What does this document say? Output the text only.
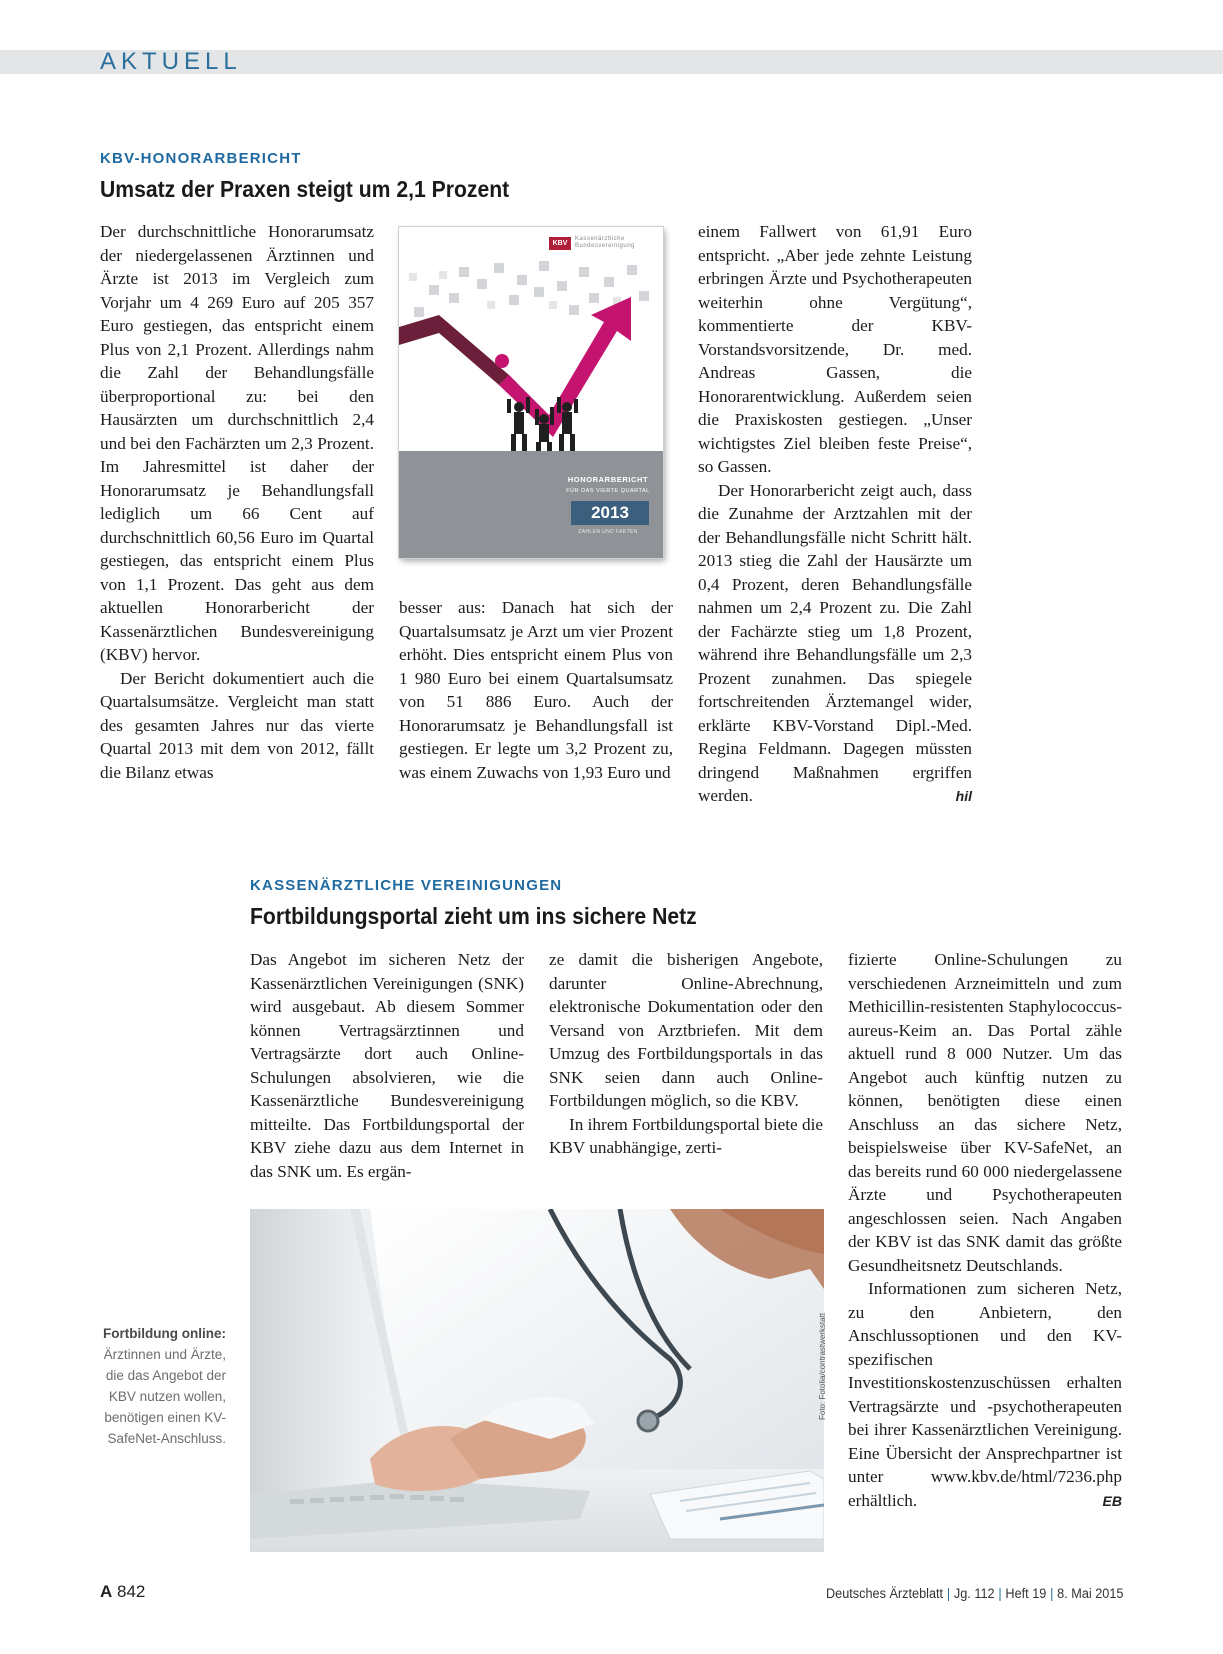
AKTUELL
KBV-HONORARBERICHT
Umsatz der Praxen steigt um 2,1 Prozent

Der durchschnittliche Honorarumsatz der niedergelassenen Ärztinnen und Ärzte ist 2013 im Vergleich zum Vorjahr um 4 269 Euro auf 205 357 Euro gestiegen, das entspricht einem Plus von 2,1 Prozent. Allerdings nahm die Zahl der Behandlungsfälle überproportional zu: bei den Hausärzten um durchschnittlich 2,4 und bei den Fachärzten um 2,3 Prozent. Im Jahresmittel ist daher der Honorarumsatz je Behandlungsfall lediglich um 66 Cent auf durchschnittlich 60,56 Euro im Quartal gestiegen, das entspricht einem Plus von 1,1 Prozent. Das geht aus dem aktuellen Honorarbericht der Kassenärztlichen Bundesvereinigung (KBV) hervor.

Der Bericht dokumentiert auch die Quartalsumsätze. Vergleicht man statt des gesamten Jahres nur das vierte Quartal 2013 mit dem von 2012, fällt die Bilanz etwas

KBV
Kassenärztliche Bundesvereinigung
HONORARBERICHT
FÜR DAS VIERTE QUARTAL
2013
ZAHLEN UND FAKTEN

besser aus: Danach hat sich der Quartalsumsatz je Arzt um vier Prozent erhöht. Dies entspricht einem Plus von 1 980 Euro bei einem Quartalsumsatz von 51 886 Euro. Auch der Honorarumsatz je Behandlungsfall ist gestiegen. Er legte um 3,2 Prozent zu, was einem Zuwachs von 1,93 Euro und

einem Fallwert von 61,91 Euro entspricht. „Aber jede zehnte Leistung erbringen Ärzte und Psychotherapeuten weiterhin ohne Vergütung“, kommentierte der KBV-Vorstandsvorsitzende, Dr. med. Andreas Gassen, die Honorarentwicklung. Außerdem seien die Praxiskosten gestiegen. „Unser wichtigstes Ziel bleiben feste Preise“, so Gassen.

Der Honorarbericht zeigt auch, dass die Zunahme der Arztzahlen mit der der Behandlungsfälle nicht Schritt hält. 2013 stieg die Zahl der Hausärzte um 0,4 Prozent, deren Behandlungsfälle nahmen um 2,4 Prozent zu. Die Zahl der Fachärzte stieg um 1,8 Prozent, während ihre Behandlungsfälle um 2,3 Prozent zunahmen. Das spiegele fortschreitenden Ärztemangel wider, erklärte KBV-Vorstand Dipl.-Med. Regina Feldmann. Dagegen müssten dringend Maßnahmen ergriffen werden.	hil

KASSENÄRZTLICHE VEREINIGUNGEN
Fortbildungsportal zieht um ins sichere Netz

Das Angebot im sicheren Netz der Kassenärztlichen Vereinigungen (SNK) wird ausgebaut. Ab diesem Sommer können Vertragsärztinnen und Vertragsärzte dort auch Online-Schulungen absolvieren, wie die Kassenärztliche Bundesvereinigung mitteilte. Das Fortbildungsportal der KBV ziehe dazu aus dem Internet in das SNK um. Es ergän-

ze damit die bisherigen Angebote, darunter Online-Abrechnung, elektronische Dokumentation oder den Versand von Arztbriefen. Mit dem Umzug des Fortbildungsportals in das SNK seien dann auch Online-Fortbildungen möglich, so die KBV.

In ihrem Fortbildungsportal biete die KBV unabhängige, zerti-

fizierte Online-Schulungen zu verschiedenen Arzneimitteln und zum Methicillin-resistenten Staphylococcus-aureus-Keim an. Das Portal zähle aktuell rund 8 000 Nutzer. Um das Angebot auch künftig nutzen zu können, benötigten diese einen Anschluss an das sichere Netz, beispielsweise über KV-SafeNet, an das bereits rund 60 000 niedergelassene Ärzte und Psychotherapeuten angeschlossen seien. Nach Angaben der KBV ist das SNK damit das größte Gesundheitsnetz Deutschlands.

Informationen zum sicheren Netz, zu den Anbietern, den Anschlussoptionen und den KV-spezifischen Investitionskostenzuschüssen erhalten Vertragsärzte und -psychotherapeuten bei ihrer Kassenärztlichen Vereinigung. Eine Übersicht der Ansprechpartner ist unter www.kbv.de/html/7236.php erhältlich.	EB

Foto: Fotolia/contrastwerkstatt
Fortbildung online: Ärztinnen und Ärzte, die das Angebot der KBV nutzen wollen, benötigen einen KV-SafeNet-Anschluss.
A 842	Deutsches Ärzteblatt | Jg. 112 | Heft 19 | 8. Mai 2015
